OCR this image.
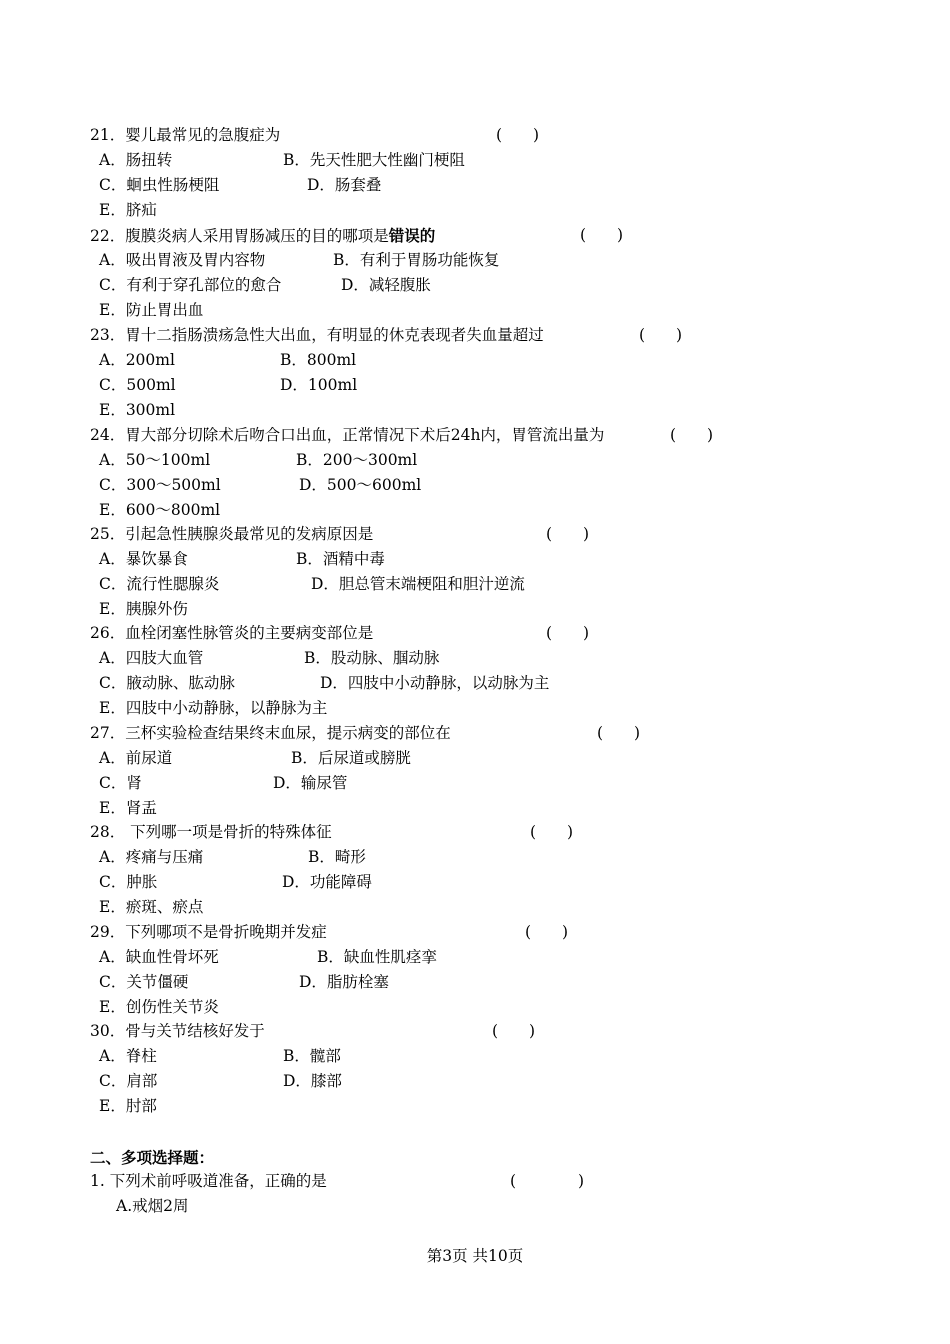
21．婴儿最常见的急腹症为	(　　)
A．肠扭转	B．先天性肥大性幽门梗阻
C．蛔虫性肠梗阻	D．肠套叠
E．脐疝
22．腹膜炎病人采用胃肠减压的目的哪项是错误的	(　　)
A．吸出胃液及胃内容物	B．有利于胃肠功能恢复
C．有利于穿孔部位的愈合	D．减轻腹胀
E．防止胃出血
23．胃十二指肠溃疡急性大出血，有明显的休克表现者失血量超过	(　　)
A．200ml	B．800ml
C．500ml	D．100ml
E．300ml
24．胃大部分切除术后吻合口出血，正常情况下术后24h内，胃管流出量为	(　　)
A．50～100ml	B．200～300ml
C．300～500ml	D．500～600ml
E．600～800ml
25．引起急性胰腺炎最常见的发病原因是	(　　)
A．暴饮暴食	B．酒精中毒
C．流行性腮腺炎	D．胆总管末端梗阻和胆汁逆流
E．胰腺外伤
26．血栓闭塞性脉管炎的主要病变部位是	(　　)
A．四肢大血管	B．股动脉、腘动脉
C．腋动脉、肱动脉	D．四肢中小动静脉，以动脉为主
E．四肢中小动静脉，以静脉为主
27．三杯实验检查结果终末血尿，提示病变的部位在	(　　)
A．前尿道	B．后尿道或膀胱
C．肾	D．输尿管
E．肾盂
28． 下列哪一项是骨折的特殊体征	(　　)
A．疼痛与压痛	B．畸形
C．肿胀	D．功能障碍
E．瘀斑、瘀点
29．下列哪项不是骨折晚期并发症	(　　)
A．缺血性骨坏死	B．缺血性肌痉挛
C．关节僵硬	D．脂肪栓塞
E．创伤性关节炎
30．骨与关节结核好发于	(　　)
A．脊柱	B．髋部
C．肩部	D．膝部
E．肘部
二、多项选择题：
1. 下列术前呼吸道准备，正确的是	(　　　　)
A.戒烟2周
第3页 共10页
